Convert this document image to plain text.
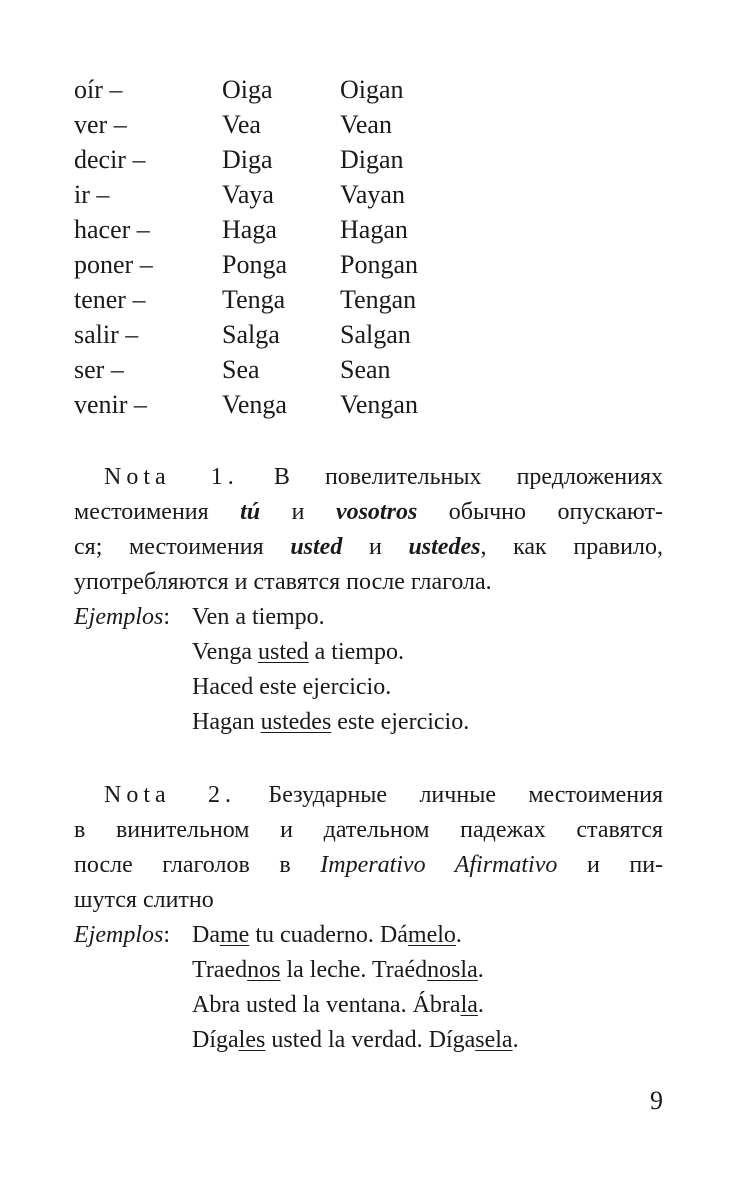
oír –	Oiga	Oigan
ver –	Vea	Vean
decir –	Diga	Digan
ir –	Vaya	Vayan
hacer –	Haga Hagan
poner –	Ponga Pongan
tener –	Tenga Tengan
salir –	Salga Salgan
ser –	Sea	Sean
venir –	Venga Vengan

Nota 1. В повелительных предложениях

местоимения tú и vosotros обычно опускают-

ся; местоимения usted и ustedes, как правило,

употребляются и ставятся после глагола.

Ejemplos: Ven a tiempo.
Venga usted a tiempo.
Haced este ejercicio.
Hagan ustedes este ejercicio.

Nota 2. Безударные личные местоимения

в винительном и дательном падежах ставятся

после глаголов в Imperativo Afirmativo и пи-

шутся слитно

Ejemplos: Dame tu cuaderno. Dámelo.
Traednos la leche. Traédnosla.
Abra usted la ventana. Ábrala.
Dígales usted la verdad. Dígasela.
9
